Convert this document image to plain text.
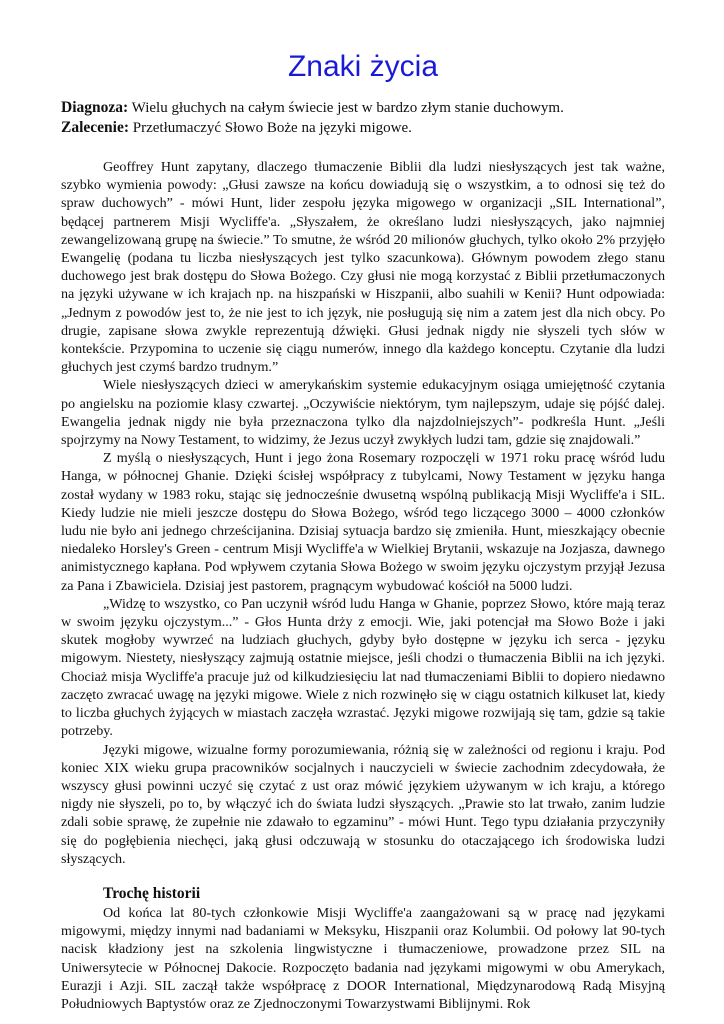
Znaki życia

Diagnoza: Wielu głuchych na całym świecie jest w bardzo złym stanie duchowym.

Zalecenie: Przetłumaczyć Słowo Boże na języki migowe.

Geoffrey Hunt zapytany, dlaczego tłumaczenie Biblii dla ludzi niesłyszących jest tak ważne, szybko wymienia powody: „Głusi zawsze na końcu dowiadują się o wszystkim, a to odnosi się też do spraw duchowych” - mówi Hunt, lider zespołu języka migowego w organizacji „SIL International”, będącej partnerem Misji Wycliffe'a. „Słyszałem, że określano ludzi niesłyszących, jako najmniej zewangelizowaną grupę na świecie.” To smutne, że wśród 20 milionów głuchych, tylko około 2% przyjęło Ewangelię (podana tu liczba niesłyszących jest tylko szacunkowa). Głównym powodem złego stanu duchowego jest brak dostępu do Słowa Bożego. Czy głusi nie mogą korzystać z Biblii przetłumaczonych na języki używane w ich krajach np. na hiszpański w Hiszpanii, albo suahili w Kenii? Hunt odpowiada: „Jednym z powodów jest to, że nie jest to ich język, nie posługują się nim a zatem jest dla nich obcy. Po drugie, zapisane słowa zwykle reprezentują dźwięki. Głusi jednak nigdy nie słyszeli tych słów w kontekście. Przypomina to uczenie się ciągu numerów, innego dla każdego konceptu. Czytanie dla ludzi głuchych jest czymś bardzo trudnym.”

Wiele niesłyszących dzieci w amerykańskim systemie edukacyjnym osiąga umiejętność czytania po angielsku na poziomie klasy czwartej. „Oczywiście niektórym, tym najlepszym, udaje się pójść dalej. Ewangelia jednak nigdy nie była przeznaczona tylko dla najzdolniejszych”- podkreśla Hunt. „Jeśli spojrzymy na Nowy Testament, to widzimy, że Jezus uczył zwykłych ludzi tam, gdzie się znajdowali.”

Z myślą o niesłyszących, Hunt i jego żona Rosemary rozpoczęli w 1971 roku pracę wśród ludu Hanga, w północnej Ghanie. Dzięki ścisłej współpracy z tubylcami, Nowy Testament w języku hanga został wydany w 1983 roku, stając się jednocześnie dwusetną wspólną publikacją Misji Wycliffe'a i SIL. Kiedy ludzie nie mieli jeszcze dostępu do Słowa Bożego, wśród tego liczącego 3000 – 4000 członków ludu nie było ani jednego chrześcijanina. Dzisiaj sytuacja bardzo się zmieniła. Hunt, mieszkający obecnie niedaleko Horsley's Green - centrum Misji Wycliffe'a w Wielkiej Brytanii, wskazuje na Jozjasza, dawnego animistycznego kapłana. Pod wpływem czytania Słowa Bożego w swoim języku ojczystym przyjął Jezusa za Pana i Zbawiciela. Dzisiaj jest pastorem, pragnącym wybudować kościół na 5000 ludzi.

„Widzę to wszystko, co Pan uczynił wśród ludu Hanga w Ghanie, poprzez Słowo, które mają teraz w swoim języku ojczystym...” - Głos Hunta drży z emocji. Wie, jaki potencjał ma Słowo Boże i jaki skutek mogłoby wywrzeć na ludziach głuchych, gdyby było dostępne w języku ich serca - języku migowym. Niestety, niesłyszący zajmują ostatnie miejsce, jeśli chodzi o tłumaczenia Biblii na ich języki. Chociaż misja Wycliffe'a pracuje już od kilkudziesięciu lat nad tłumaczeniami Biblii to dopiero niedawno zaczęto zwracać uwagę na języki migowe. Wiele z nich rozwinęło się w ciągu ostatnich kilkuset lat, kiedy to liczba głuchych żyjących w miastach zaczęła wzrastać. Języki migowe rozwijają się tam, gdzie są takie potrzeby.

Języki migowe, wizualne formy porozumiewania, różnią się w zależności od regionu i kraju. Pod koniec XIX wieku grupa pracowników socjalnych i nauczycieli w świecie zachodnim zdecydowała, że wszyscy głusi powinni uczyć się czytać z ust oraz mówić językiem używanym w ich kraju, a którego nigdy nie słyszeli, po to, by włączyć ich do świata ludzi słyszących. „Prawie sto lat trwało, zanim ludzie zdali sobie sprawę, że zupełnie nie zdawało to egzaminu” - mówi Hunt. Tego typu działania przyczyniły się do pogłębienia niechęci, jaką głusi odczuwają w stosunku do otaczającego ich środowiska ludzi słyszących.

Trochę historii

Od końca lat 80-tych członkowie Misji Wycliffe'a zaangażowani są w pracę nad językami migowymi, między innymi nad badaniami w Meksyku, Hiszpanii oraz Kolumbii. Od połowy lat 90-tych nacisk kładziony jest na szkolenia lingwistyczne i tłumaczeniowe, prowadzone przez SIL na Uniwersytecie w Północnej Dakocie. Rozpoczęto badania nad językami migowymi w obu Amerykach, Eurazji i Azji. SIL zaczął także współpracę z DOOR International, Międzynarodową Radą Misyjną Południowych Baptystów oraz ze Zjednoczonymi Towarzystwami Biblijnymi. Rok
